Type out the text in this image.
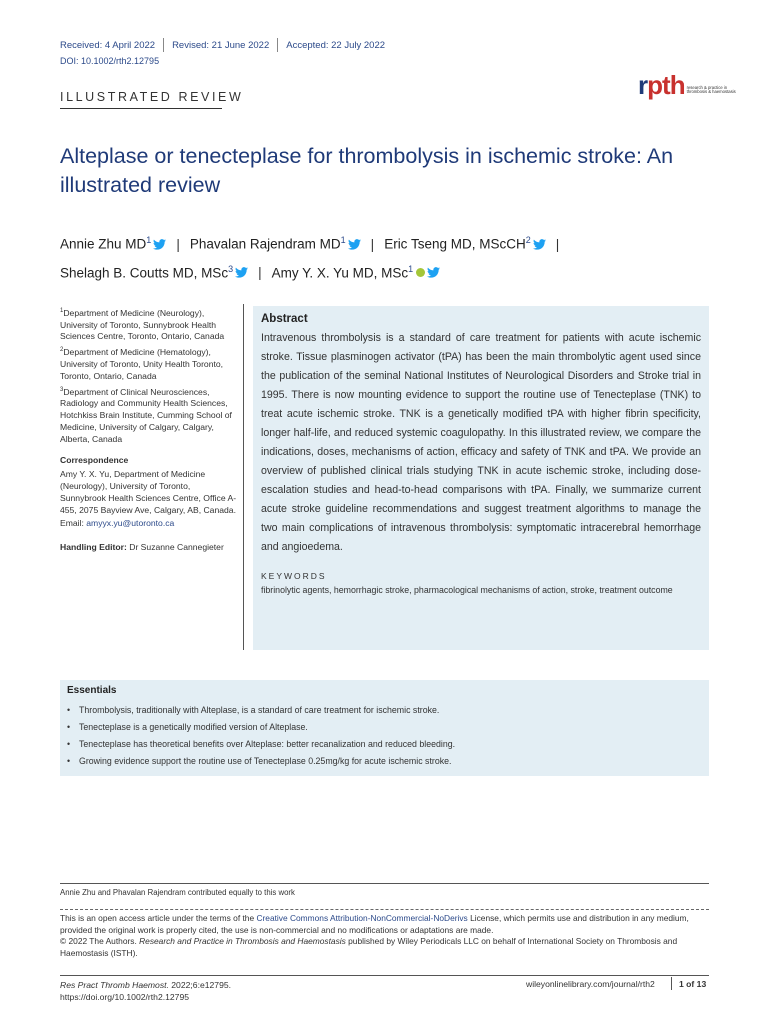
Received: 4 April 2022 Revised: 21 June 2022 Accepted: 22 July 2022
DOI: 10.1002/rth2.12795
rpth research & practice in thrombosis & haemostasis
ILLUSTRATED REVIEW
Alteplase or tenecteplase for thrombolysis in ischemic stroke: An illustrated review
Annie Zhu $MD^1$ | Phavalan Rajendram $MD^1$ | Eric Tseng MD, MScCH$^2$ |
Shelagh B. Coutts MD, MSc$^3$ | Amy Y. X. Yu MD, MSc$^1$

$^1$Department of Medicine (Neurology), University of Toronto, Sunnybrook Health Sciences Centre, Toronto, Ontario, Canada

$^2$Department of Medicine (Hematology), University of Toronto, Unity Health Toronto, Toronto, Ontario, Canada

$^3$Department of Clinical Neurosciences, Radiology and Community Health Sciences, Hotchkiss Brain Institute, Cumming School of Medicine, University of Calgary, Calgary, Alberta, Canada

Correspondence

Amy Y. X. Yu, Department of Medicine (Neurology), University of Toronto, Sunnybrook Health Sciences Centre, Office A-455, 2075 Bayview Ave, Calgary, AB, Canada.

Email: amyyx.yu@utoronto.ca

Handling Editor: Dr Suzanne Cannegieter

Abstract

Intravenous thrombolysis is a standard of care treatment for patients with acute ischemic stroke. Tissue plasminogen activator (tPA) has been the main thrombolytic agent used since the publication of the seminal National Institutes of Neurological Disorders and Stroke trial in 1995. There is now mounting evidence to support the routine use of Tenecteplase (TNK) to treat acute ischemic stroke. TNK is a genetically modified tPA with higher fibrin specificity, longer half-life, and reduced systemic coagulopathy. In this illustrated review, we compare the indications, doses, mechanisms of action, efficacy and safety of TNK and tPA. We provide an overview of published clinical trials studying TNK in acute ischemic stroke, including dose-escalation studies and head-to-head comparisons with tPA. Finally, we summarize current acute stroke guideline recommendations and suggest treatment algorithms to manage the two main complications of intravenous thrombolysis: symptomatic intracerebral hemorrhage and angioedema.

KEYWORDS
fibrinolytic agents, hemorrhagic stroke, pharmacological mechanisms of action, stroke, treatment outcome
Essentials
• Thrombolysis, traditionally with Alteplase, is a standard of care treatment for ischemic stroke.
• Tenecteplase is a genetically modified version of Alteplase.
• Tenecteplase has theoretical benefits over Alteplase: better recanalization and reduced bleeding.
• Growing evidence support the routine use of Tenecteplase 0.25mg/kg for acute ischemic stroke.
Annie Zhu and Phavalan Rajendram contributed equally to this work
This is an open access article under the terms of the Creative Commons Attribution-NonCommercial-NoDerivs License, which permits use and distribution in any medium, provided the original work is properly cited, the use is non-commercial and no modifications or adaptations are made.
© 2022 The Authors. Research and Practice in Thrombosis and Haemostasis published by Wiley Periodicals LLC on behalf of International Society on Thrombosis and Haemostasis (ISTH).
Res Pract Thromb Haemost. 2022;6:e12795.
https://doi.org/10.1002/rth2.12795
wileyonlinelibrary.com/journal/rth2	1 of 13
